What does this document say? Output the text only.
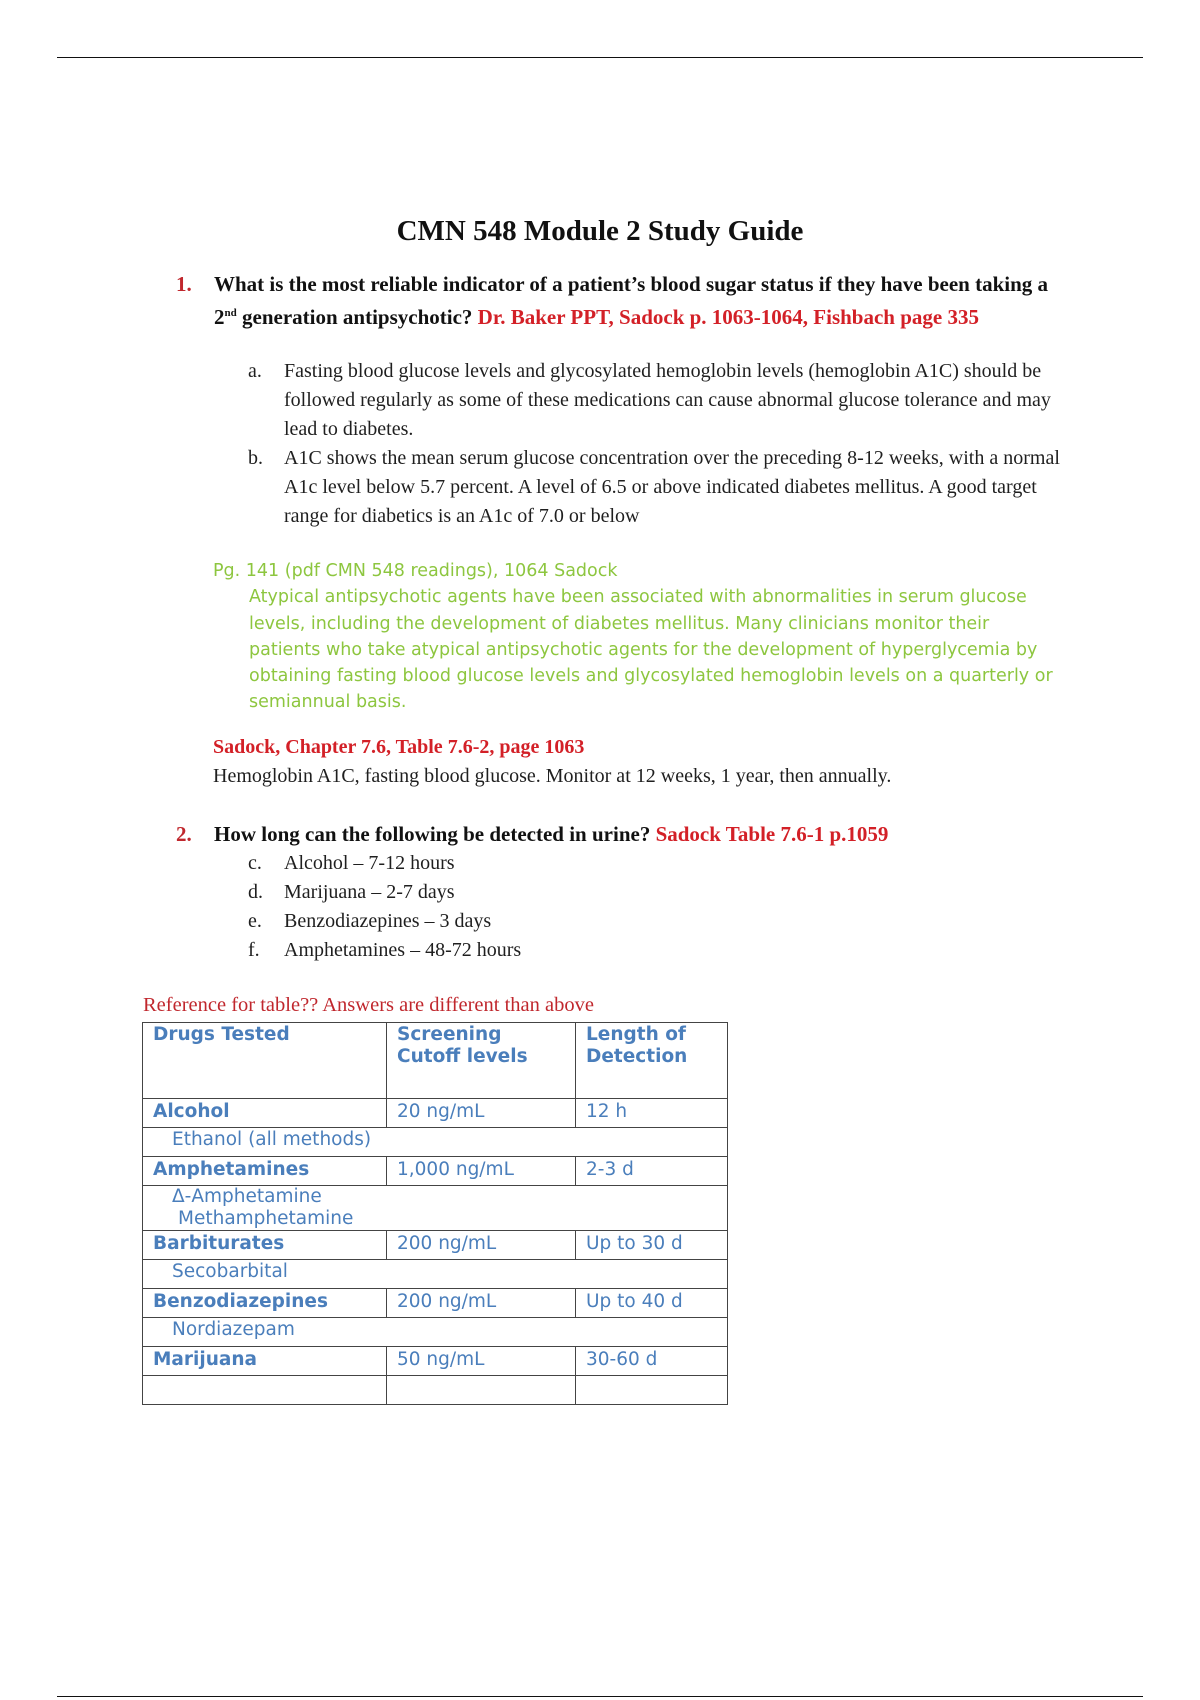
CMN 548 Module 2 Study Guide
1. What is the most reliable indicator of a patient’s blood sugar status if they have been taking a 2nd generation antipsychotic? Dr. Baker PPT, Sadock p. 1063-1064, Fishbach page 335
a. Fasting blood glucose levels and glycosylated hemoglobin levels (hemoglobin A1C) should be followed regularly as some of these medications can cause abnormal glucose tolerance and may lead to diabetes.
b. A1C shows the mean serum glucose concentration over the preceding 8-12 weeks, with a normal A1c level below 5.7 percent. A level of 6.5 or above indicated diabetes mellitus. A good target range for diabetics is an A1c of 7.0 or below
Pg. 141 (pdf CMN 548 readings), 1064 Sadock
Atypical antipsychotic agents have been associated with abnormalities in serum glucose levels, including the development of diabetes mellitus. Many clinicians monitor their patients who take atypical antipsychotic agents for the development of hyperglycemia by obtaining fasting blood glucose levels and glycosylated hemoglobin levels on a quarterly or semiannual basis.
Sadock, Chapter 7.6, Table 7.6-2, page 1063
Hemoglobin A1C, fasting blood glucose. Monitor at 12 weeks, 1 year, then annually.
2. How long can the following be detected in urine? Sadock Table 7.6-1 p.1059
c. Alcohol – 7-12 hours
d. Marijuana – 2-7 days
e. Benzodiazepines – 3 days
f. Amphetamines – 48-72 hours
Reference for table?? Answers are different than above
Drugs Tested	Screening Cutoff levels	Length of Detection
Alcohol	20 ng/mL	12 h

Ethanol (all methods)		

Amphetamines	1,000 ng/mL	2-3 d

Δ-Amphetamine
Methamphetamine		

Barbiturates	200 ng/mL	Up to 30 d

Secobarbital		

Benzodiazepines	200 ng/mL	Up to 40 d

Nordiazepam		

Marijuana	50 ng/mL	30-60 d
